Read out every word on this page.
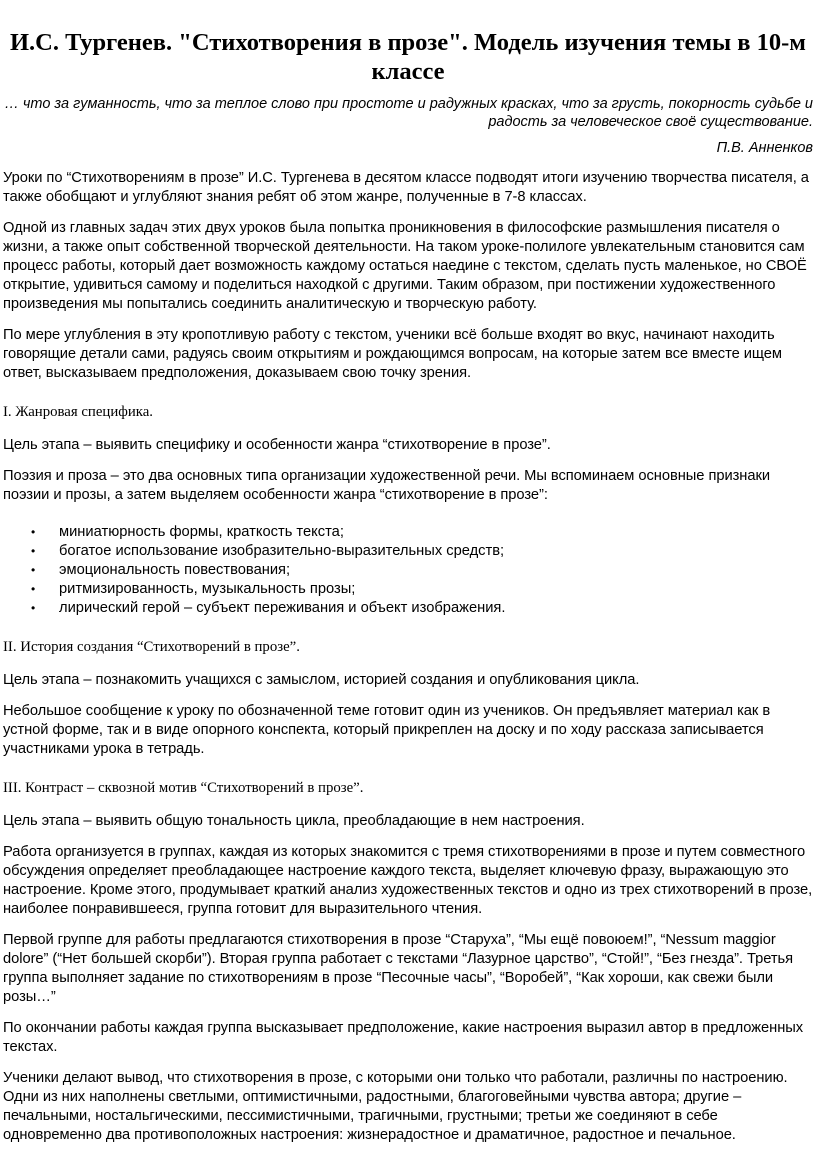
И.С. Тургенев. "Стихотворения в прозе". Модель изучения темы в 10-м классе
… что за гуманность, что за теплое слово при простоте и радужных красках, что за грусть, покорность судьбе и радость за человеческое своё существование.
П.В. Анненков

Уроки по “Стихотворениям в прозе” И.С. Тургенева в десятом классе подводят итоги изучению творчества писателя, а также обобщают и углубляют знания ребят об этом жанре, полученные в 7-8 классах.

Одной из главных задач этих двух уроков была попытка проникновения в философские размышления писателя о жизни, а также опыт собственной творческой деятельности. На таком уроке-полилоге увлекательным становится сам процесс работы, который дает возможность каждому остаться наедине с текстом, сделать пусть маленькое, но СВОЁ открытие, удивиться самому и поделиться находкой с другими. Таким образом, при постижении художественного произведения мы попытались соединить аналитическую и творческую работу.

По мере углубления в эту кропотливую работу с текстом, ученики всё больше входят во вкус, начинают находить говорящие детали сами, радуясь своим открытиям и рождающимся вопросам, на которые затем все вместе ищем ответ, высказываем предположения, доказываем свою точку зрения.

I. Жанровая специфика.

Цель этапа – выявить специфику и особенности жанра “стихотворение в прозе”.

Поэзия и проза – это два основных типа организации художественной речи. Мы вспоминаем основные признаки поэзии и прозы, а затем выделяем особенности жанра “стихотворение в прозе”:

• миниатюрность формы, краткость текста;
• богатое использование изобразительно-выразительных средств;
• эмоциональность повествования;
• ритмизированность, музыкальность прозы;
• лирический герой – субъект переживания и объект изображения.
II. История создания “Стихотворений в прозе”.

Цель этапа – познакомить учащихся с замыслом, историей создания и опубликования цикла.

Небольшое сообщение к уроку по обозначенной теме готовит один из учеников. Он предъявляет материал как в устной форме, так и в виде опорного конспекта, который прикреплен на доску и по ходу рассказа записывается участниками урока в тетрадь.

III. Контраст – сквозной мотив “Стихотворений в прозе”.

Цель этапа – выявить общую тональность цикла, преобладающие в нем настроения.

Работа организуется в группах, каждая из которых знакомится с тремя стихотворениями в прозе и путем совместного обсуждения определяет преобладающее настроение каждого текста, выделяет ключевую фразу, выражающую это настроение. Кроме этого, продумывает краткий анализ художественных текстов и одно из трех стихотворений в прозе, наиболее понравившееся, группа готовит для выразительного чтения.

Первой группе для работы предлагаются стихотворения в прозе “Старуха”, “Мы ещё повоюем!”, “Nessum maggior dolore” (“Нет большей скорби”). Вторая группа работает с текстами “Лазурное царство”, “Стой!”, “Без гнезда”. Третья группа выполняет задание по стихотворениям в прозе “Песочные часы”, “Воробей”, “Как хороши, как свежи были розы…”

По окончании работы каждая группа высказывает предположение, какие настроения выразил автор в предложенных текстах.

Ученики делают вывод, что стихотворения в прозе, с которыми они только что работали, различны по настроению. Одни из них наполнены светлыми, оптимистичными, радостными, благоговейными чувства автора; другие – печальными, ностальгическими, пессимистичными, трагичными, грустными; третьи же соединяют в себе одновременно два противоположных настроения: жизнерадостное и драматичное, радостное и печальное.
